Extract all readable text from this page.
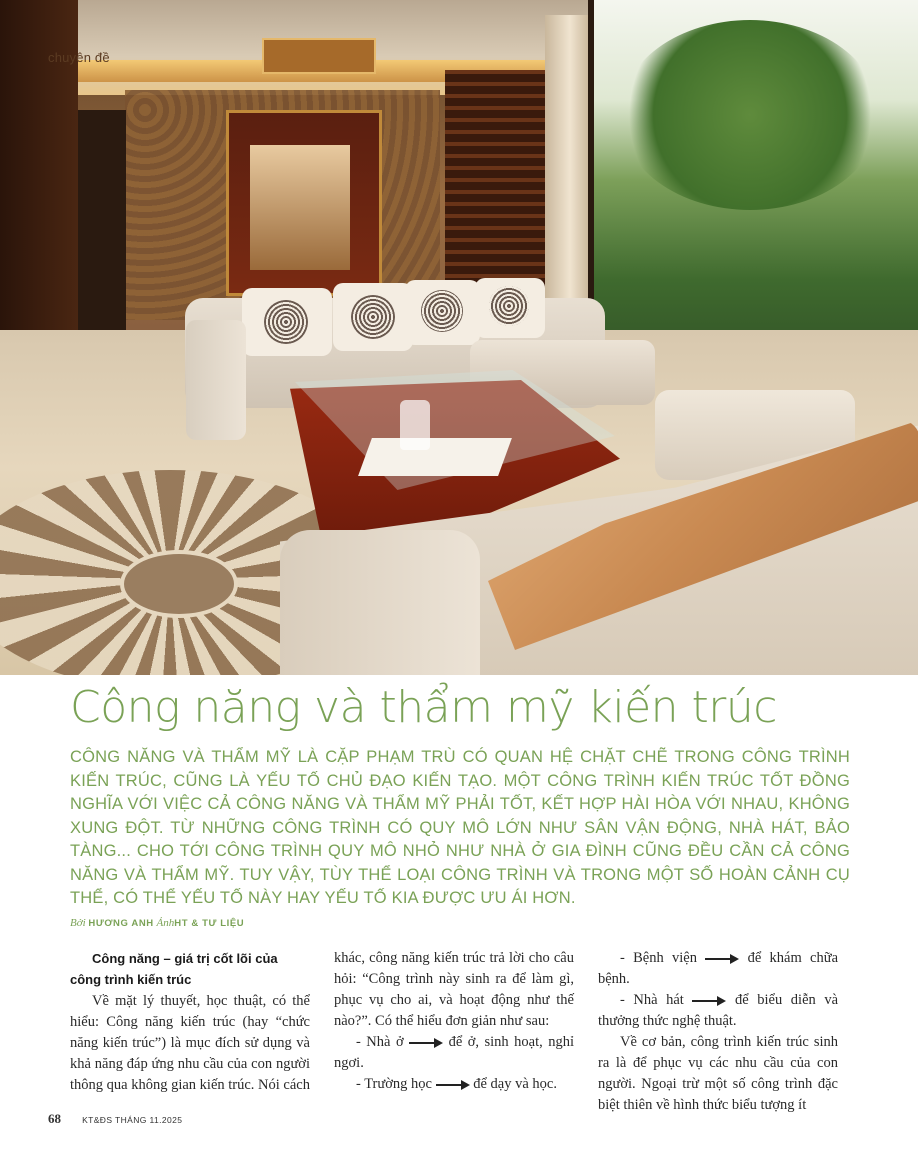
chuyên đề
Công năng và thẩm mỹ kiến trúc

CÔNG NĂNG VÀ THẨM MỸ LÀ CẶP PHẠM TRÙ CÓ QUAN HỆ CHẶT CHẼ TRONG CÔNG TRÌNH KIẾN TRÚC, CŨNG LÀ YẾU TỐ CHỦ ĐẠO KIẾN TẠO. MỘT CÔNG TRÌNH KIẾN TRÚC TỐT ĐỒNG NGHĨA VỚI VIỆC CẢ CÔNG NĂNG VÀ THẨM MỸ PHẢI TỐT, KẾT HỢP HÀI HÒA VỚI NHAU, KHÔNG XUNG ĐỘT. TỪ NHỮNG CÔNG TRÌNH CÓ QUY MÔ LỚN NHƯ SÂN VẬN ĐỘNG, NHÀ HÁT, BẢO TÀNG... CHO TỚI CÔNG TRÌNH QUY MÔ NHỎ NHƯ NHÀ Ở GIA ĐÌNH CŨNG ĐỀU CẦN CẢ CÔNG NĂNG VÀ THẨM MỸ. TUY VẬY, TÙY THỂ LOẠI CÔNG TRÌNH VÀ TRONG MỘT SỐ HOÀN CẢNH CỤ THỂ, CÓ THỂ YẾU TỐ NÀY HAY YẾU TỐ KIA ĐƯỢC ƯU ÁI HƠN.

Bởi HƯƠNG ANH ẢnhHT & TƯ LIỆU
Công năng – giá trị cốt lõi của
công trình kiến trúc

Về mặt lý thuyết, học thuật, có thể hiểu: Công năng kiến trúc (hay “chức năng kiến trúc”) là mục đích sử dụng và khả năng đáp ứng nhu cầu của con người thông qua không gian kiến trúc. Nói cách

khác, công năng kiến trúc trả lời cho câu hỏi: “Công trình này sinh ra để làm gì, phục vụ cho ai, và hoạt động như thế nào?”. Có thể hiểu đơn giản như sau:

- Nhà ở	để ở, sinh hoạt, nghỉ ngơi.

- Trường học	để dạy và học.

- Bệnh viện	để khám chữa bệnh.

- Nhà hát	để biểu diễn và thưởng thức nghệ thuật.

Về cơ bản, công trình kiến trúc sinh ra là để phục vụ các nhu cầu của con người. Ngoại trừ một số công trình đặc biệt thiên về hình thức biểu tượng ít

68 KT&ĐS THÁNG 11.2025
